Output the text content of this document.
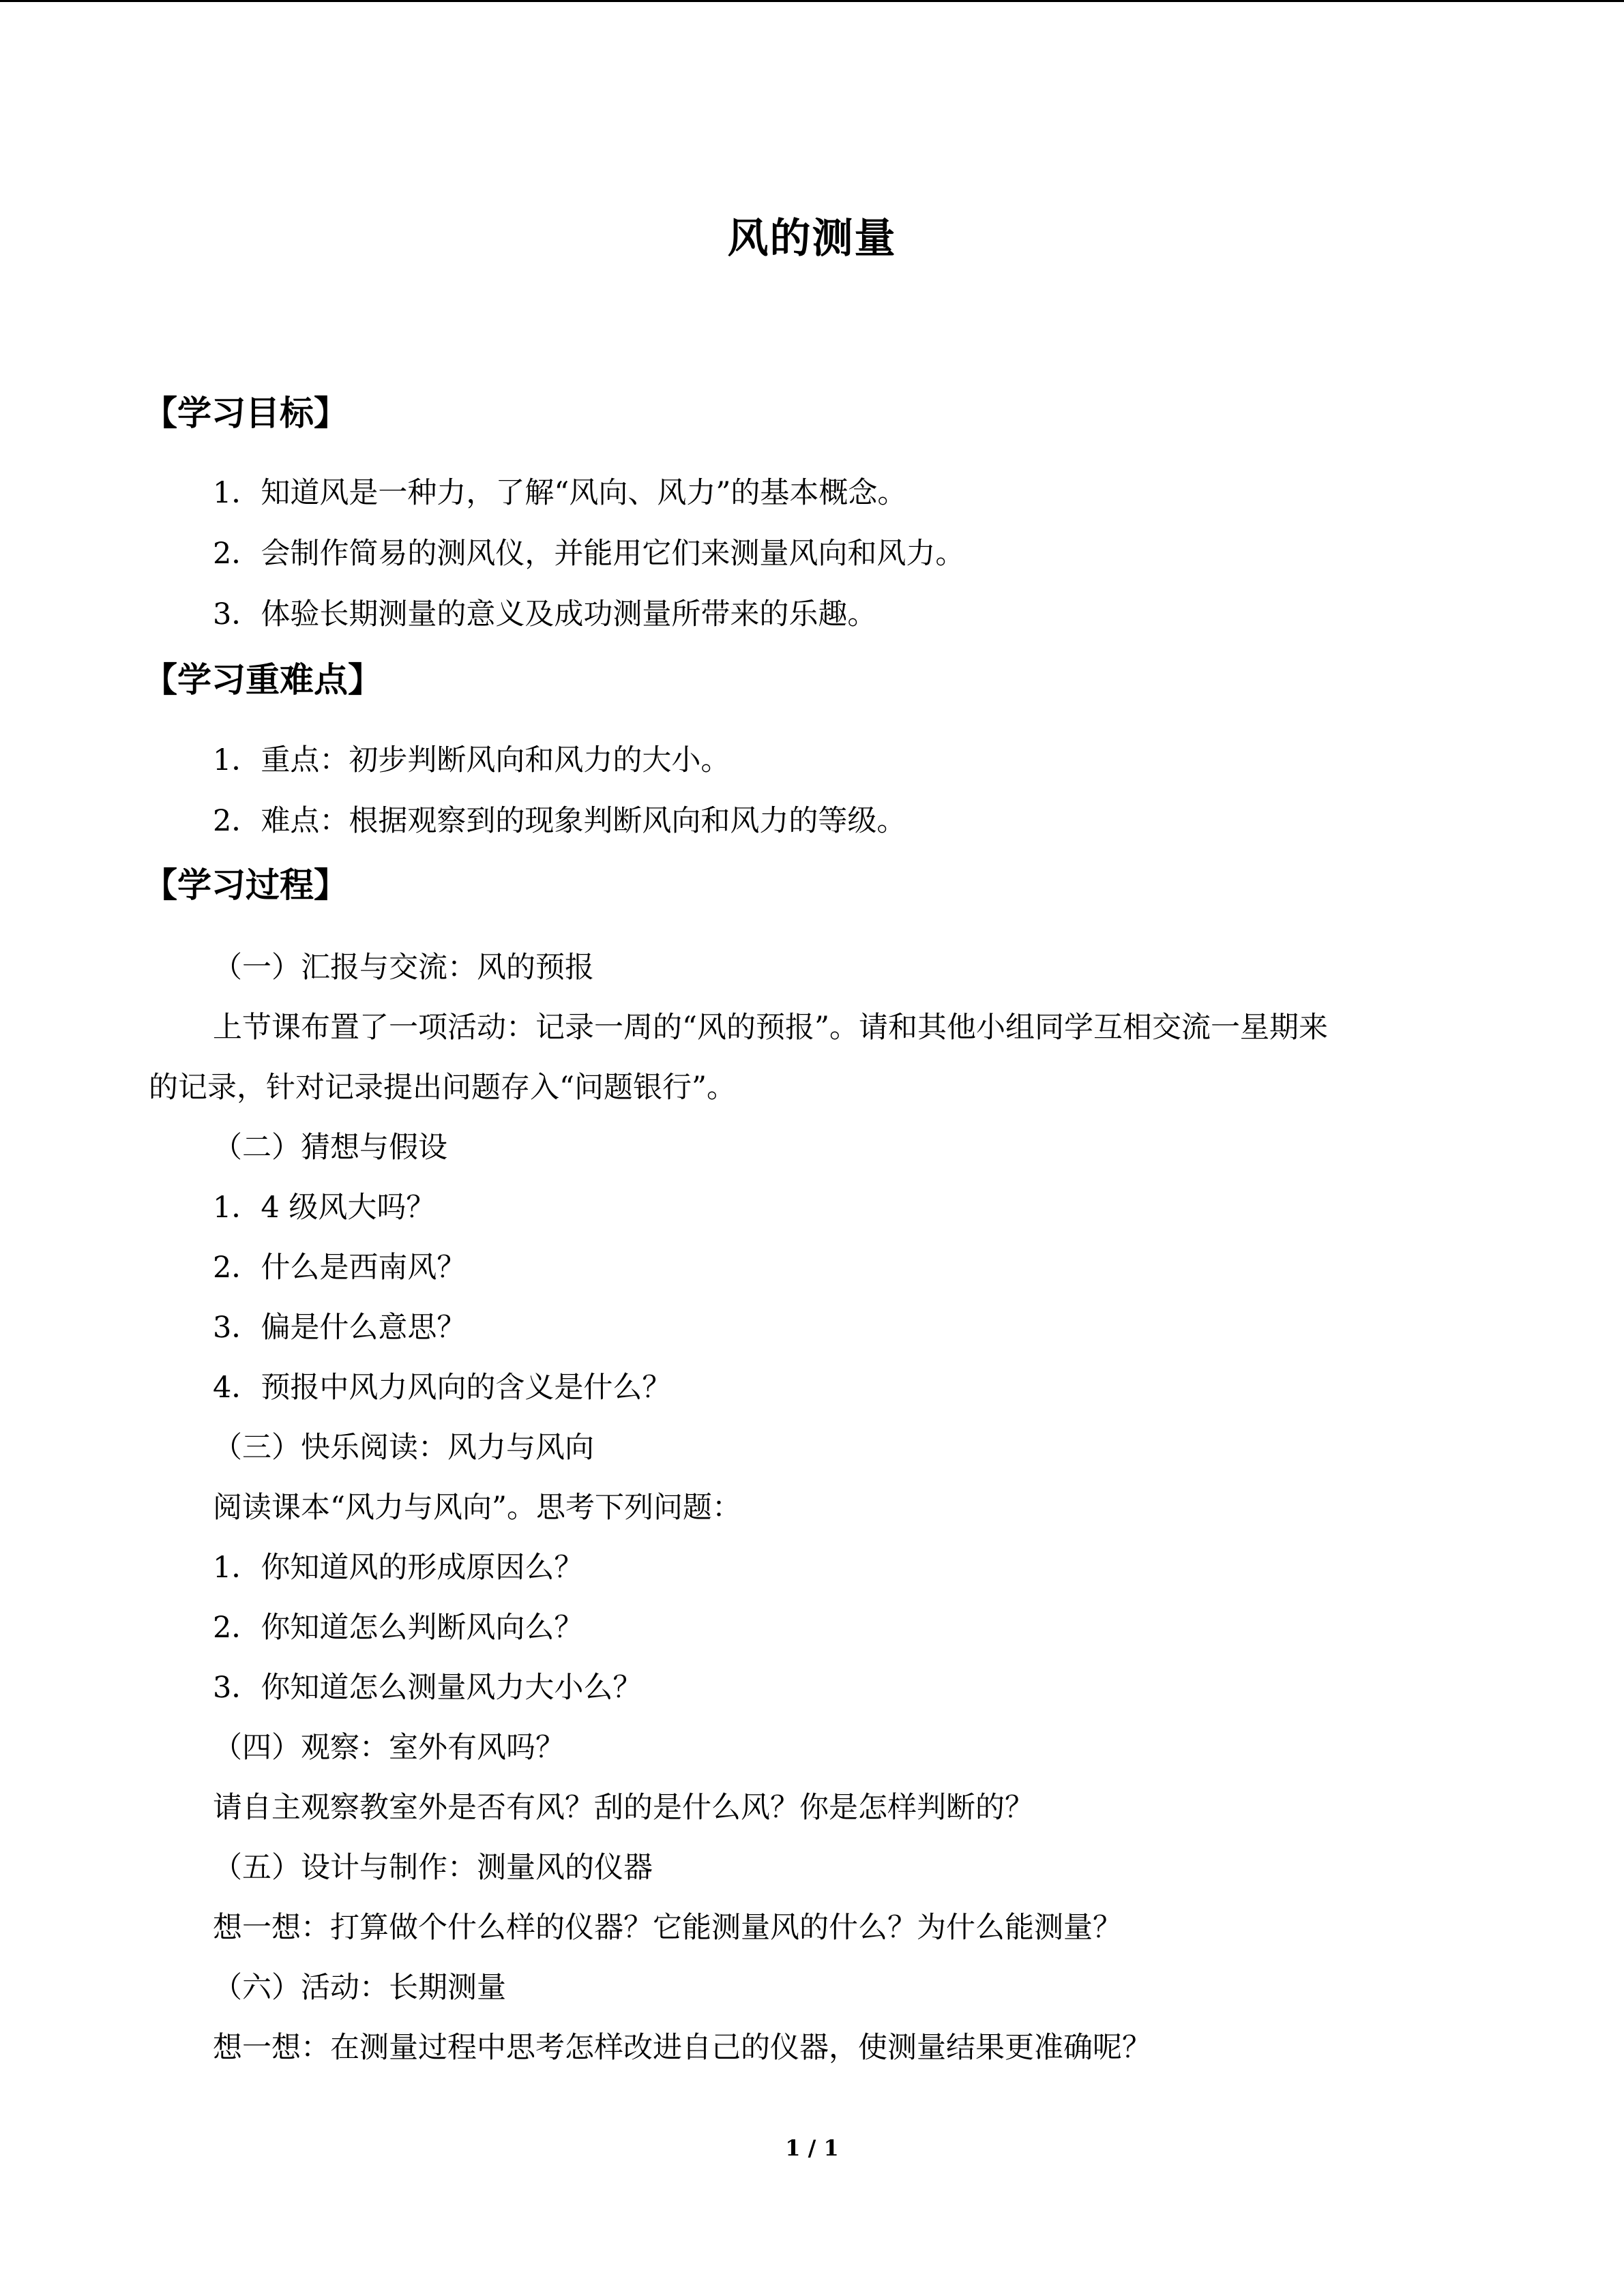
风的测量
【学习目标】
1．知道风是一种力，了解“风向、风力”的基本概念。
2．会制作简易的测风仪，并能用它们来测量风向和风力。
3．体验长期测量的意义及成功测量所带来的乐趣。
【学习重难点】
1．重点：初步判断风向和风力的大小。
2．难点：根据观察到的现象判断风向和风力的等级。
【学习过程】
（一）汇报与交流：风的预报
上节课布置了一项活动：记录一周的“风的预报”。请和其他小组同学互相交流一星期来
的记录，针对记录提出问题存入“问题银行”。
（二）猜想与假设
1．4 级风大吗？
2．什么是西南风？
3．偏是什么意思？
4．预报中风力风向的含义是什么？
（三）快乐阅读：风力与风向
阅读课本“风力与风向”。思考下列问题：
1．你知道风的形成原因么？
2．你知道怎么判断风向么？
3．你知道怎么测量风力大小么？
（四）观察：室外有风吗？
请自主观察教室外是否有风？刮的是什么风？你是怎样判断的？
（五）设计与制作：测量风的仪器
想一想：打算做个什么样的仪器？它能测量风的什么？为什么能测量？
（六）活动：长期测量
想一想：在测量过程中思考怎样改进自己的仪器，使测量结果更准确呢？
1 / 1
